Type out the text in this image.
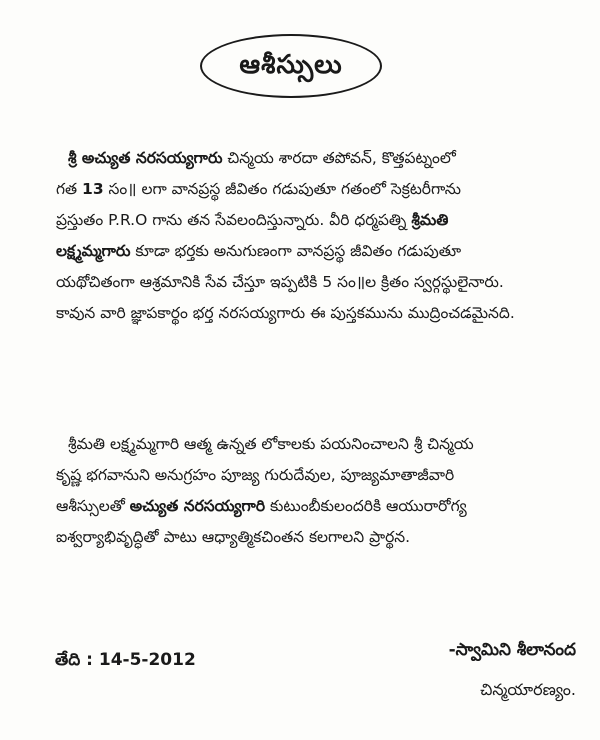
ఆశీస్సులు
శ్రీ అచ్యుత నరసయ్యగారు చిన్మయ శారదా తపోవన్, కొత్తపట్నంలో
గత 13 సం॥ లగా వానప్రస్థ జీవితం గడుపుతూ గతంలో సెక్రటరీగాను
ప్రస్తుతం P.R.O గాను తన సేవలందిస్తున్నారు. వీరి ధర్మపత్ని శ్రీమతి
లక్ష్మమ్మగారు కూడా భర్తకు అనుగుణంగా వానప్రస్థ జీవితం గడుపుతూ
యథోచితంగా ఆశ్రమానికి సేవ చేస్తూ ఇప్పటికి 5 సం॥ల క్రితం స్వర్గస్థులైనారు.
కావున వారి జ్ఞాపకార్థం భర్త నరసయ్యగారు ఈ పుస్తకమును ముద్రించడమైనది.
శ్రీమతి లక్ష్మమ్మగారి ఆత్మ ఉన్నత లోకాలకు పయనించాలని శ్రీ చిన్మయ
కృష్ణ భగవానుని అనుగ్రహం పూజ్య గురుదేవుల, పూజ్యమాతాజీవారి
ఆశీస్సులతో అచ్యుత నరసయ్యగారి కుటుంబీకులందరికి ఆయురారోగ్య
ఐశ్వర్యాభివృద్ధితో పాటు ఆధ్యాత్మికచింతన కలగాలని ప్రార్థన.
తేది : 14-5-2012	-స్వామిని శీలానంద
చిన్మయారణ్యం.
